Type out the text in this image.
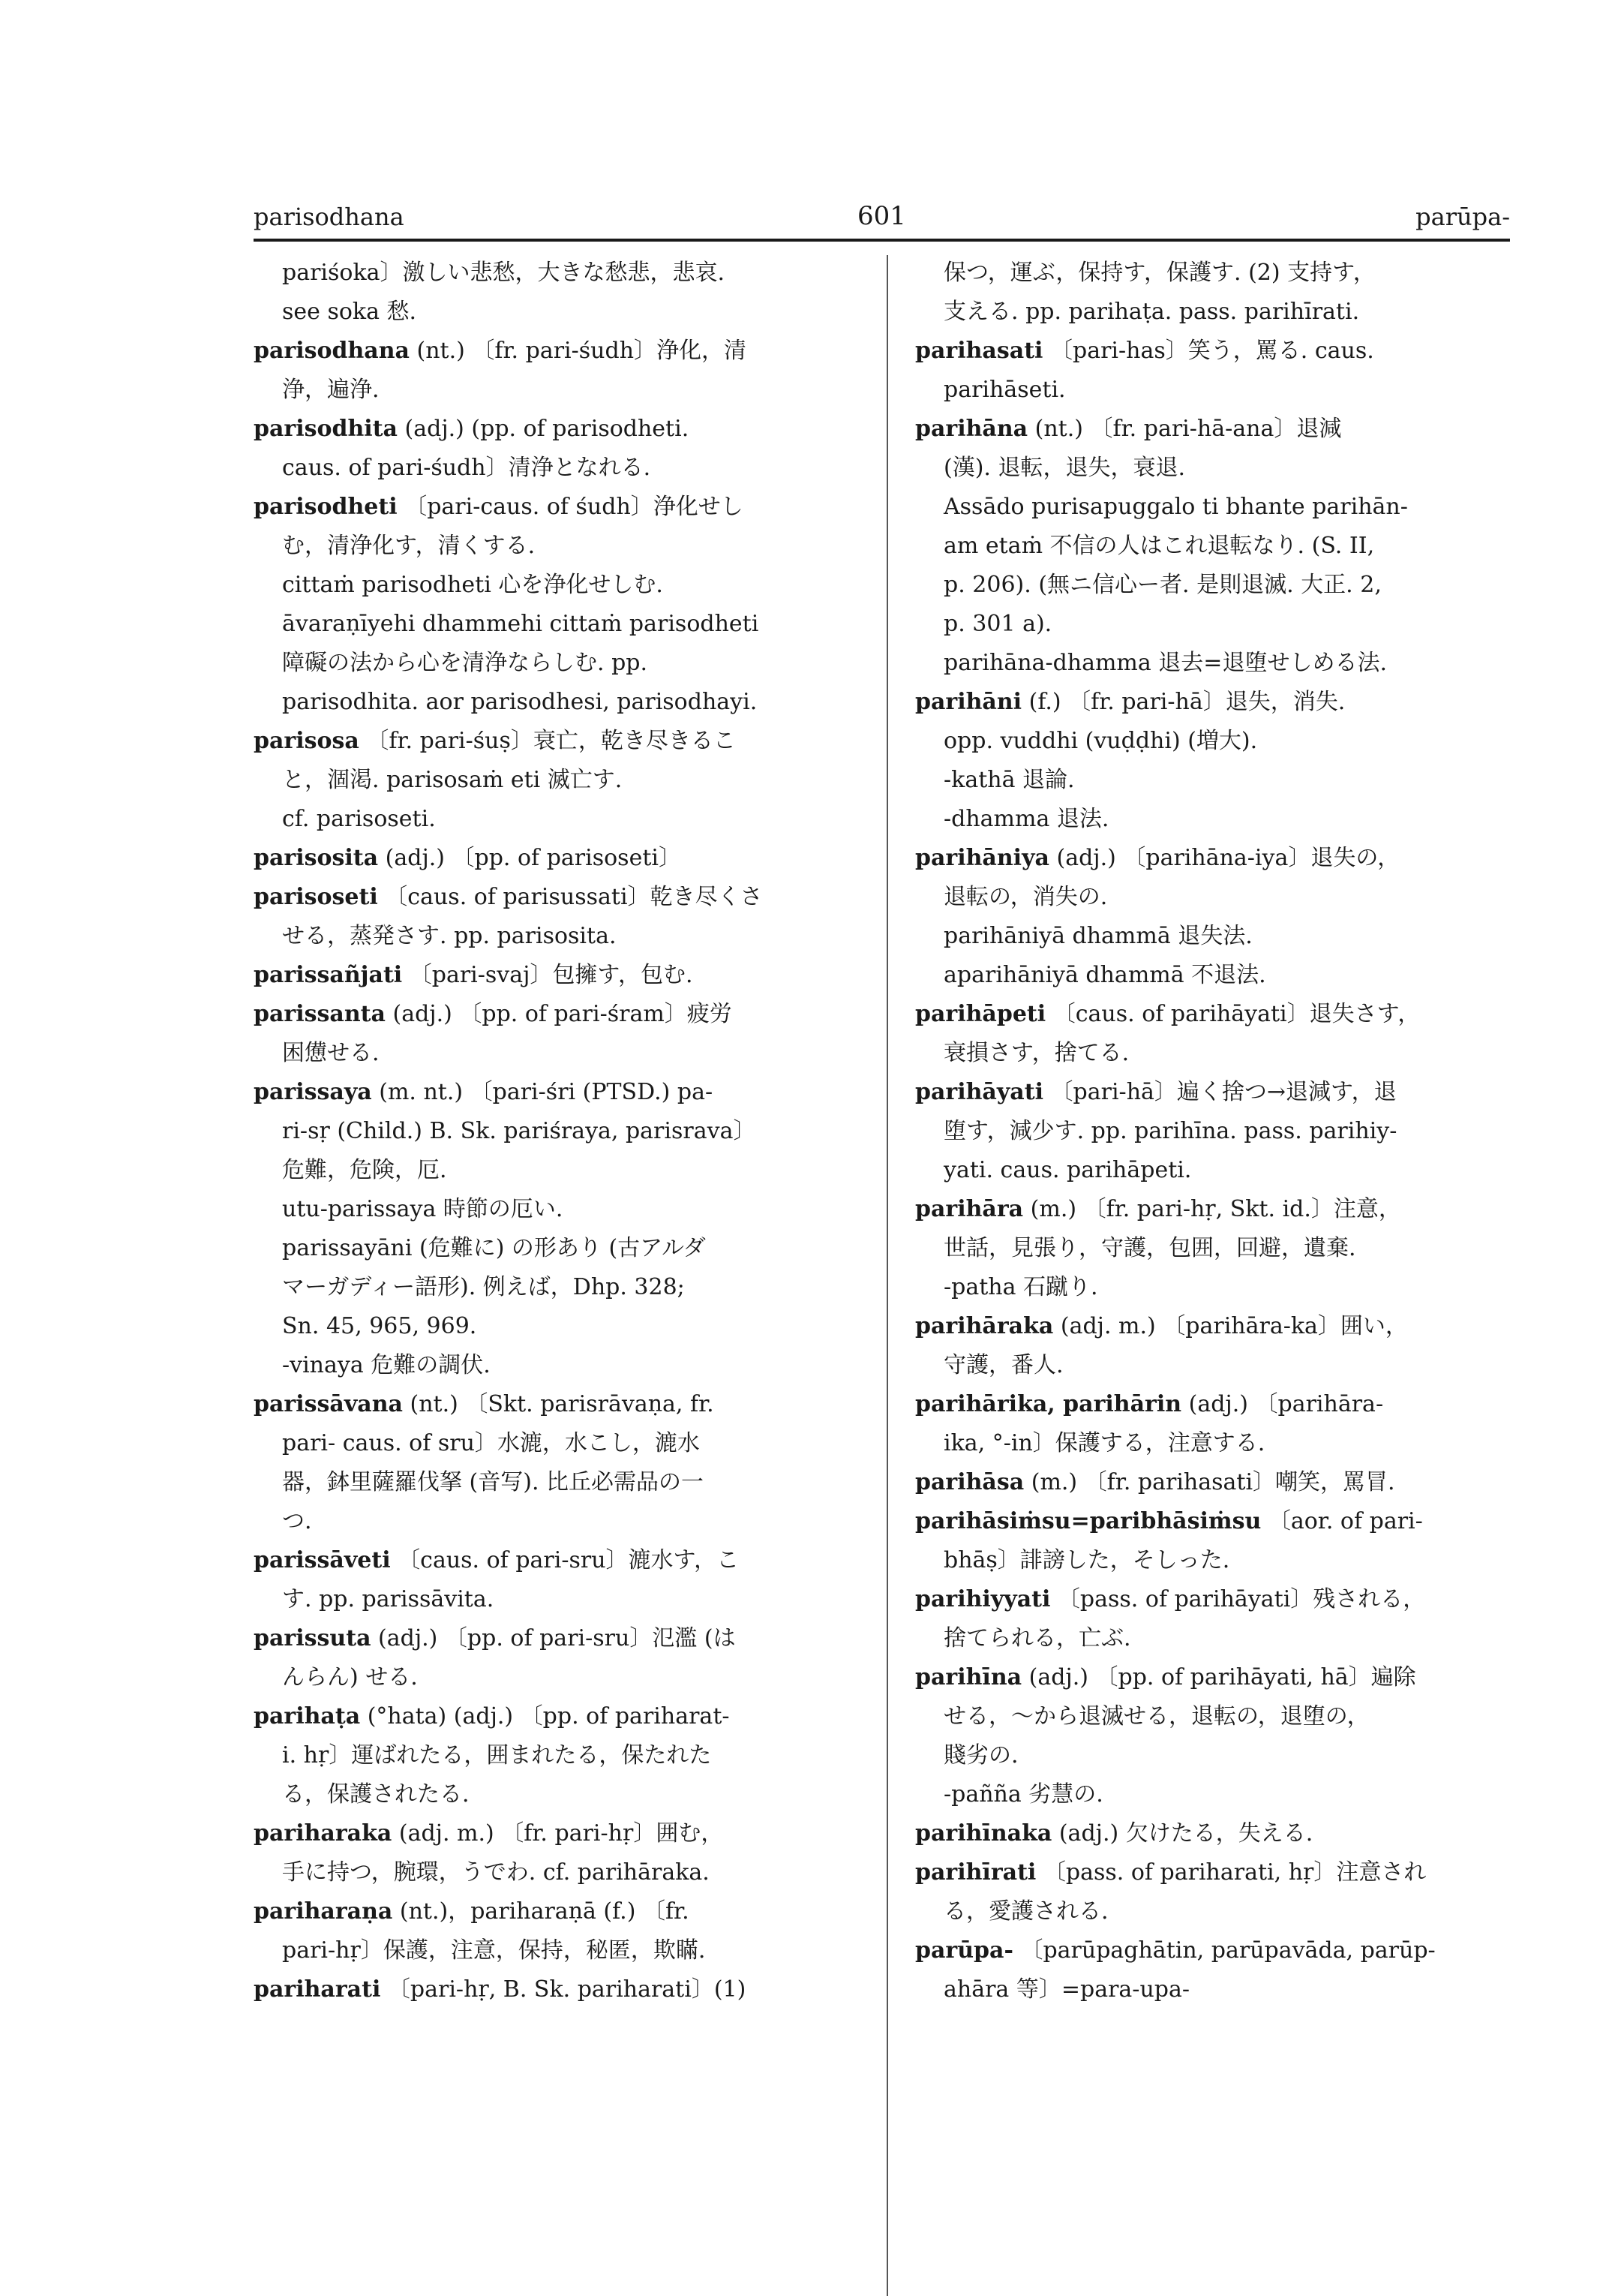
parisodhana	601	parūpa-
pariśoka〕激しい悲愁，大きな愁悲，悲哀.
see soka 愁.
parisodhana (nt.) 〔fr. pari-śudh〕浄化，清
浄，遍浄.
parisodhita (adj.) (pp. of parisodheti.
caus. of pari-śudh〕清浄となれる.
parisodheti 〔pari-caus. of śudh〕浄化せし
む，清浄化す，清くする.
cittaṁ parisodheti 心を浄化せしむ.
āvaraṇīyehi dhammehi cittaṁ parisodheti
障礙の法から心を清浄ならしむ. pp.
parisodhita. aor parisodhesi, parisodhayi.
parisosa 〔fr. pari-śuṣ〕衰亡，乾き尽きるこ
と，涸渇. parisosaṁ eti 滅亡す.
cf. parisoseti.
parisosita (adj.) 〔pp. of parisoseti〕
parisoseti 〔caus. of parisussati〕乾き尽くさ
せる，蒸発さす. pp. parisosita.
parissañjati 〔pari-svaj〕包擁す，包む.
parissanta (adj.) 〔pp. of pari-śram〕疲労
困憊せる.
parissaya (m. nt.) 〔pari-śri (PTSD.) pa-
ri-sṛ (Child.) B. Sk. pariśraya, parisrava〕
危難，危険，厄.
utu-parissaya 時節の厄い.
parissayāni (危難に) の形あり (古アルダ
マーガディー語形). 例えば，Dhp. 328;
Sn. 45, 965, 969.
-vinaya 危難の調伏.
parissāvana (nt.) 〔Skt. parisrāvaṇa, fr.
pari- caus. of sru〕水漉，水こし，漉水
器，鉢里薩羅伐拏 (音写). 比丘必需品の一
つ.
parissāveti 〔caus. of pari-sru〕漉水す，こ
す. pp. parissāvita.
parissuta (adj.) 〔pp. of pari-sru〕氾濫 (は
んらん) せる.
parihaṭa (°hata) (adj.) 〔pp. of pariharat-
i. hṛ〕運ばれたる，囲まれたる，保たれた
る，保護されたる.
pariharaka (adj. m.) 〔fr. pari-hṛ〕囲む，
手に持つ，腕環，うでわ. cf. parihāraka.
pariharaṇa (nt.)，pariharaṇā (f.) 〔fr.
pari-hṛ〕保護，注意，保持，秘匿，欺瞞.
pariharati 〔pari-hṛ, B. Sk. pariharati〕(1)
保つ，運ぶ，保持す，保護す. (2) 支持す，
支える. pp. parihaṭa. pass. parihīrati.
parihasati 〔pari-has〕笑う，罵る. caus.
parihāseti.
parihāna (nt.) 〔fr. pari-hā-ana〕退減
(漢). 退転，退失，衰退.
Assādo purisapuggalo ti bhante parihān-
am etaṁ 不信の人はこれ退転なり. (S. II,
p. 206). (無ニ信心ー者. 是則退滅. 大正. 2,
p. 301 a).
parihāna-dhamma 退去=退堕せしめる法.
parihāni (f.) 〔fr. pari-hā〕退失，消失.
opp. vuddhi (vuḍḍhi) (増大).
-kathā 退論.
-dhamma 退法.
parihāniya (adj.) 〔parihāna-iya〕退失の，
退転の，消失の.
parihāniyā dhammā 退失法.
aparihāniyā dhammā 不退法.
parihāpeti 〔caus. of parihāyati〕退失さす，
衰損さす，捨てる.
parihāyati 〔pari-hā〕遍く捨つ→退減す，退
堕す，減少す. pp. parihīna. pass. parihiy-
yati. caus. parihāpeti.
parihāra (m.) 〔fr. pari-hṛ, Skt. id.〕注意，
世話，見張り，守護，包囲，回避，遺棄.
-patha 石蹴り.
parihāraka (adj. m.) 〔parihāra-ka〕囲い，
守護，番人.
parihārika, parihārin (adj.) 〔parihāra-
ika, °-in〕保護する，注意する.
parihāsa (m.) 〔fr. parihasati〕嘲笑，罵冒.
parihāsiṁsu=paribhāsiṁsu 〔aor. of pari-
bhāṣ〕誹謗した，そしった.
parihiyyati 〔pass. of parihāyati〕残される，
捨てられる，亡ぶ.
parihīna (adj.) 〔pp. of parihāyati, hā〕遍除
せる，～から退滅せる，退転の，退堕の，
賤劣の.
-pañña 劣慧の.
parihīnaka (adj.) 欠けたる，失える.
parihīrati 〔pass. of pariharati, hṛ〕注意され
る，愛護される.
parūpa- 〔parūpaghātin, parūpavāda, parūp-
ahāra 等〕=para-upa-
